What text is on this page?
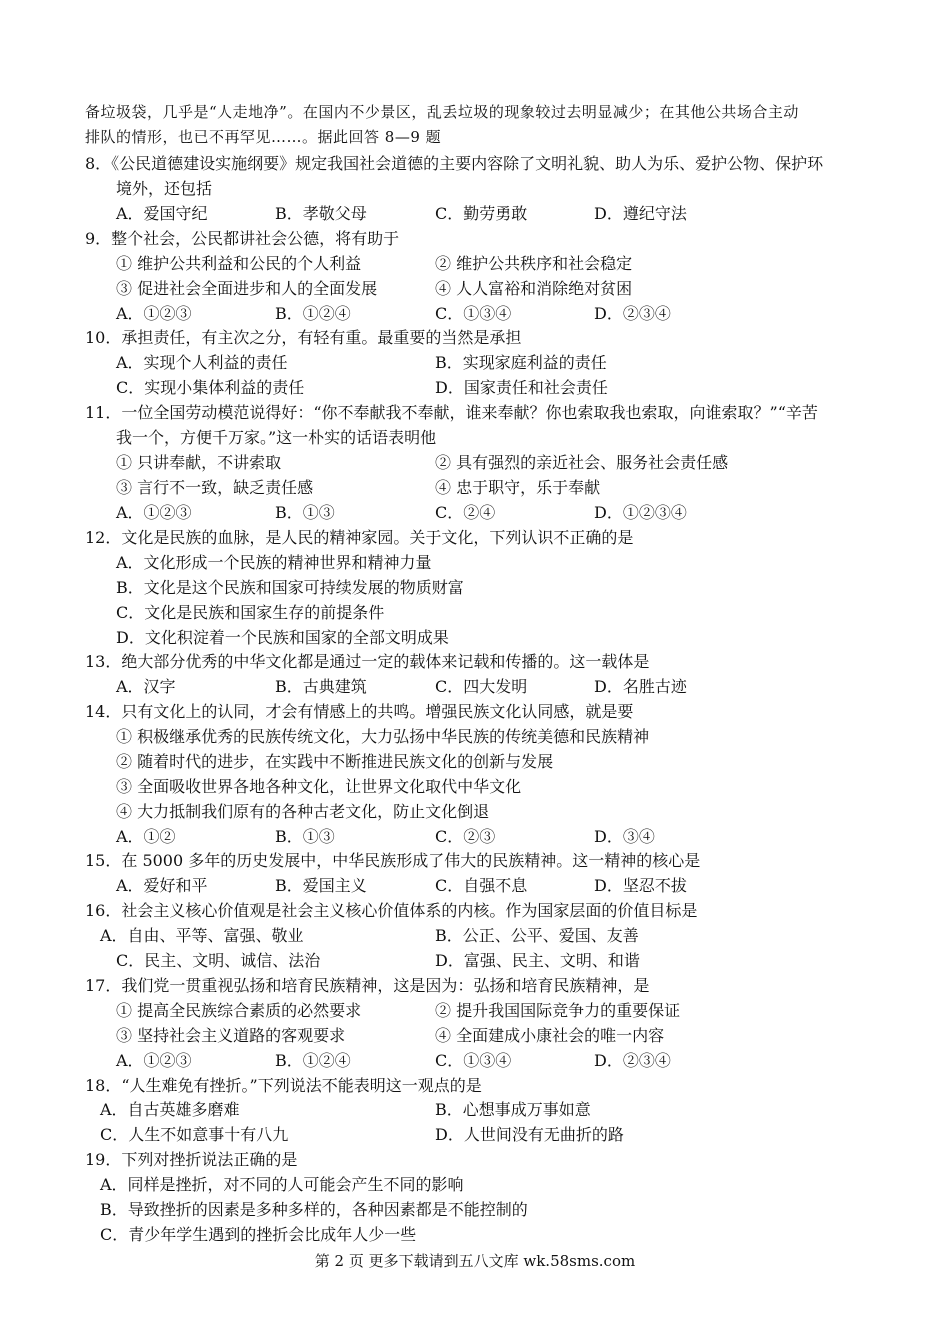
备垃圾袋，几乎是“人走地净”。在国内不少景区，乱丢垃圾的现象较过去明显减少；在其他公共场合主动
排队的情形，也已不再罕见……。据此回答 8—9 题
8．《公民道德建设实施纲要》规定我国社会道德的主要内容除了文明礼貌、助人为乐、爱护公物、保护环
境外，还包括
A．爱国守纪	B．孝敬父母	C．勤劳勇敢	D．遵纪守法
9．整个社会，公民都讲社会公德，将有助于
① 维护公共利益和公民的个人利益	② 维护公共秩序和社会稳定
③ 促进社会全面进步和人的全面发展	④ 人人富裕和消除绝对贫困
A．①②③	B．①②④	C．①③④	D．②③④
10．承担责任，有主次之分，有轻有重。最重要的当然是承担
A．实现个人利益的责任	B．实现家庭利益的责任
C．实现小集体利益的责任	D．国家责任和社会责任
11．一位全国劳动模范说得好：“你不奉献我不奉献，谁来奉献？你也索取我也索取，向谁索取？”“辛苦
我一个，方便千万家。”这一朴实的话语表明他
① 只讲奉献，不讲索取	② 具有强烈的亲近社会、服务社会责任感
③ 言行不一致，缺乏责任感	④ 忠于职守，乐于奉献
A．①②③	B．①③	C．②④	D．①②③④
12．文化是民族的血脉，是人民的精神家园。关于文化，下列认识不正确的是
A．文化形成一个民族的精神世界和精神力量
B．文化是这个民族和国家可持续发展的物质财富
C．文化是民族和国家生存的前提条件
D．文化积淀着一个民族和国家的全部文明成果
13．绝大部分优秀的中华文化都是通过一定的载体来记载和传播的。这一载体是
A．汉字	B．古典建筑	C．四大发明	D．名胜古迹
14．只有文化上的认同，才会有情感上的共鸣。增强民族文化认同感，就是要
① 积极继承优秀的民族传统文化，大力弘扬中华民族的传统美德和民族精神
② 随着时代的进步，在实践中不断推进民族文化的创新与发展
③ 全面吸收世界各地各种文化，让世界文化取代中华文化
④ 大力抵制我们原有的各种古老文化，防止文化倒退
A．①②	B．①③	C．②③	D．③④
15．在 5000 多年的历史发展中，中华民族形成了伟大的民族精神。这一精神的核心是
A．爱好和平	B．爱国主义	C．自强不息	D．坚忍不拔
16．社会主义核心价值观是社会主义核心价值体系的内核。作为国家层面的价值目标是
A．自由、平等、富强、敬业	B．公正、公平、爱国、友善
C．民主、文明、诚信、法治	D．富强、民主、文明、和谐
17．我们党一贯重视弘扬和培育民族精神，这是因为：弘扬和培育民族精神，是
① 提高全民族综合素质的必然要求	② 提升我国国际竞争力的重要保证
③ 坚持社会主义道路的客观要求	④ 全面建成小康社会的唯一内容
A．①②③	B．①②④	C．①③④	D．②③④
18．“人生难免有挫折。”下列说法不能表明这一观点的是
A．自古英雄多磨难	B．心想事成万事如意
C．人生不如意事十有八九	D．人世间没有无曲折的路
19．下列对挫折说法正确的是
A．同样是挫折，对不同的人可能会产生不同的影响
B．导致挫折的因素是多种多样的，各种因素都是不能控制的
C．青少年学生遇到的挫折会比成年人少一些
第 2 页 更多下载请到五八文库 wk.58sms.com
